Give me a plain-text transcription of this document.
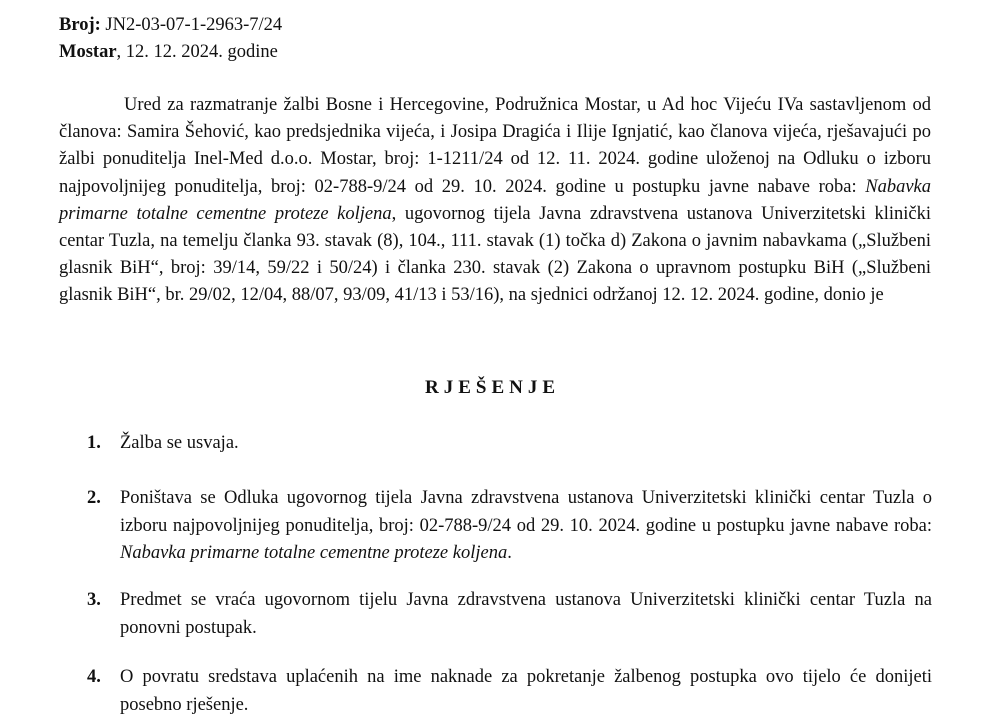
Broj: JN2-03-07-1-2963-7/24
Mostar, 12. 12. 2024. godine

Ured za razmatranje žalbi Bosne i Hercegovine, Podružnica Mostar, u Ad hoc Vijeću IVa sastavljenom od članova: Samira Šehović, kao predsjednika vijeća, i Josipa Dragića i Ilije Ignjatić, kao članova vijeća, rješavajući po žalbi ponuditelja Inel-Med d.o.o. Mostar, broj: 1-1211/24 od 12. 11. 2024. godine uloženoj na Odluku o izboru najpovoljnijeg ponuditelja, broj: 02-788-9/24 od 29. 10. 2024. godine u postupku javne nabave roba: Nabavka primarne totalne cementne proteze koljena, ugovornog tijela Javna zdravstvena ustanova Univerzitetski klinički centar Tuzla, na temelju članka 93. stavak (8), 104., 111. stavak (1) točka d) Zakona o javnim nabavkama („Službeni glasnik BiH“, broj: 39/14, 59/22 i 50/24) i članka 230. stavak (2) Zakona o upravnom postupku BiH („Službeni glasnik BiH“, br. 29/02, 12/04, 88/07, 93/09, 41/13 i 53/16), na sjednici održanoj 12. 12. 2024. godine, donio je

RJEŠENJE
1. Žalba se usvaja.
2. Poništava se Odluka ugovornog tijela Javna zdravstvena ustanova Univerzitetski klinički centar Tuzla o izboru najpovoljnijeg ponuditelja, broj: 02-788-9/24 od 29. 10. 2024. godine u postupku javne nabave roba: Nabavka primarne totalne cementne proteze koljena.
3. Predmet se vraća ugovornom tijelu Javna zdravstvena ustanova Univerzitetski klinički centar Tuzla na ponovni postupak.
4. O povratu sredstava uplaćenih na ime naknade za pokretanje žalbenog postupka ovo tijelo će donijeti posebno rješenje.
